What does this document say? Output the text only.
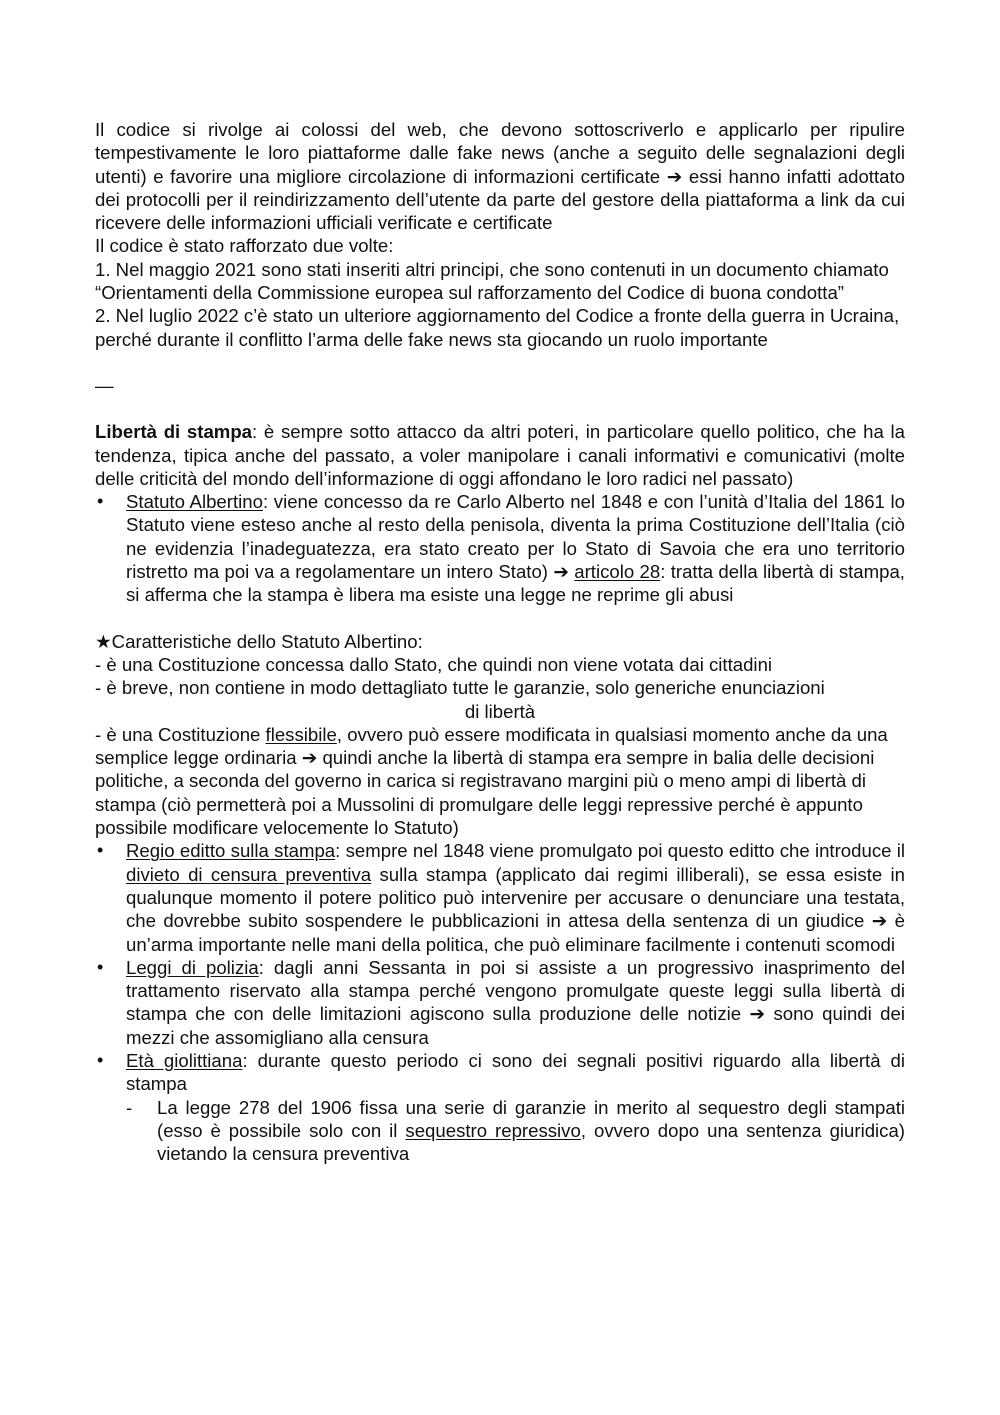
Il codice si rivolge ai colossi del web, che devono sottoscriverlo e applicarlo per ripulire tempestivamente le loro piattaforme dalle fake news (anche a seguito delle segnalazioni degli utenti) e favorire una migliore circolazione di informazioni certificate ➔ essi hanno infatti adottato dei protocolli per il reindirizzamento dell’utente da parte del gestore della piattaforma a link da cui ricevere delle informazioni ufficiali verificate e certificate

Il codice è stato rafforzato due volte:

1. Nel maggio 2021 sono stati inseriti altri principi, che sono contenuti in un documento chiamato “Orientamenti della Commissione europea sul rafforzamento del Codice di buona condotta”

2. Nel luglio 2022 c’è stato un ulteriore aggiornamento del Codice a fronte della guerra in Ucraina, perché durante il conflitto l’arma delle fake news sta giocando un ruolo importante

—

Libertà di stampa: è sempre sotto attacco da altri poteri, in particolare quello politico, che ha la tendenza, tipica anche del passato, a voler manipolare i canali informativi e comunicativi (molte delle criticità del mondo dell’informazione di oggi affondano le loro radici nel passato)

• Statuto Albertino: viene concesso da re Carlo Alberto nel 1848 e con l’unità d’Italia del 1861 lo Statuto viene esteso anche al resto della penisola, diventa la prima Costituzione dell’Italia (ciò ne evidenzia l’inadeguatezza, era stato creato per lo Stato di Savoia che era uno territorio ristretto ma poi va a regolamentare un intero Stato) ➔ articolo 28: tratta della libertà di stampa, si afferma che la stampa è libera ma esiste una legge ne reprime gli abusi

★Caratteristiche dello Statuto Albertino:

- è una Costituzione concessa dallo Stato, che quindi non viene votata dai cittadini

- è breve, non contiene in modo dettagliato tutte le garanzie, solo generiche enunciazioni

di libertà

- è una Costituzione flessibile, ovvero può essere modificata in qualsiasi momento anche da una semplice legge ordinaria ➔ quindi anche la libertà di stampa era sempre in balia delle decisioni politiche, a seconda del governo in carica si registravano margini più o meno ampi di libertà di stampa (ciò permetterà poi a Mussolini di promulgare delle leggi repressive perché è appunto possibile modificare velocemente lo Statuto)

• Regio editto sulla stampa: sempre nel 1848 viene promulgato poi questo editto che introduce il divieto di censura preventiva sulla stampa (applicato dai regimi illiberali), se essa esiste in qualunque momento il potere politico può intervenire per accusare o denunciare una testata, che dovrebbe subito sospendere le pubblicazioni in attesa della sentenza di un giudice ➔ è un’arma importante nelle mani della politica, che può eliminare facilmente i contenuti scomodi
• Leggi di polizia: dagli anni Sessanta in poi si assiste a un progressivo inasprimento del trattamento riservato alla stampa perché vengono promulgate queste leggi sulla libertà di stampa che con delle limitazioni agiscono sulla produzione delle notizie ➔ sono quindi dei mezzi che assomigliano alla censura
• Età giolittiana: durante questo periodo ci sono dei segnali positivi riguardo alla libertà di stampa
- La legge 278 del 1906 fissa una serie di garanzie in merito al sequestro degli stampati (esso è possibile solo con il sequestro repressivo, ovvero dopo una sentenza giuridica) vietando la censura preventiva
